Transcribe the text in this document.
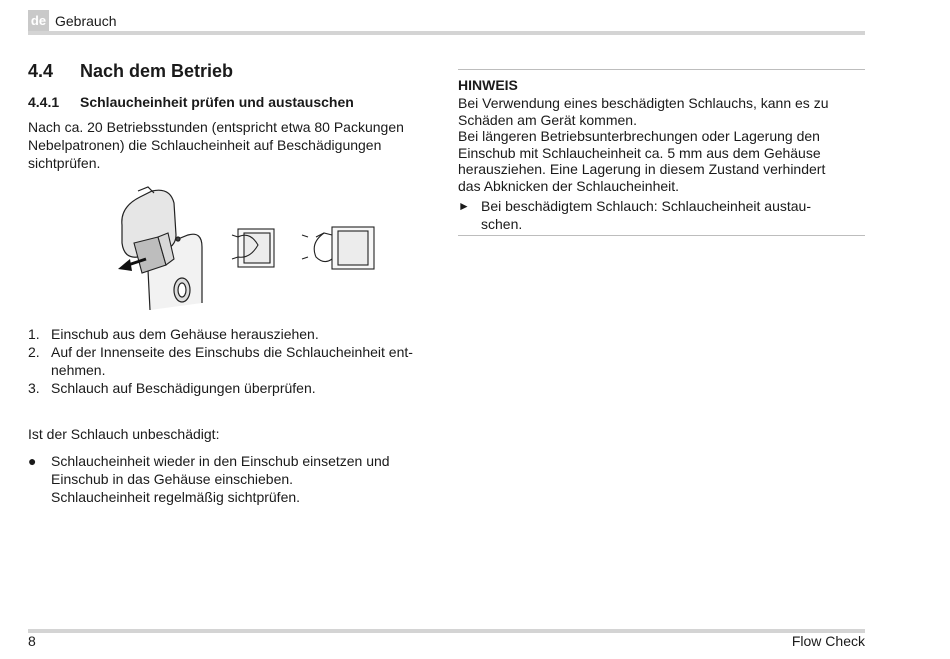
de Gebrauch
4.4 Nach dem Betrieb
4.4.1 Schlaucheinheit prüfen und austauschen
Nach ca. 20 Betriebsstunden (entspricht etwa 80 Packungen
Nebelpatronen) die Schlaucheinheit auf Beschädigungen
sichtprüfen.
1. Einschub aus dem Gehäuse herausziehen.
2. Auf der Innenseite des Einschubs die Schlaucheinheit ent-
nehmen.
3. Schlauch auf Beschädigungen überprüfen.
Ist der Schlauch unbeschädigt:
● Schlaucheinheit wieder in den Einschub einsetzen und
Einschub in das Gehäuse einschieben.
Schlaucheinheit regelmäßig sichtprüfen.
HINWEIS
Bei Verwendung eines beschädigten Schlauchs, kann es zu
Schäden am Gerät kommen.
Bei längeren Betriebsunterbrechungen oder Lagerung den
Einschub mit Schlaucheinheit ca. 5 mm aus dem Gehäuse
herausziehen. Eine Lagerung in diesem Zustand verhindert
das Abknicken der Schlaucheinheit.
► Bei beschädigtem Schlauch: Schlaucheinheit austau-
schen.
8	Flow Check
